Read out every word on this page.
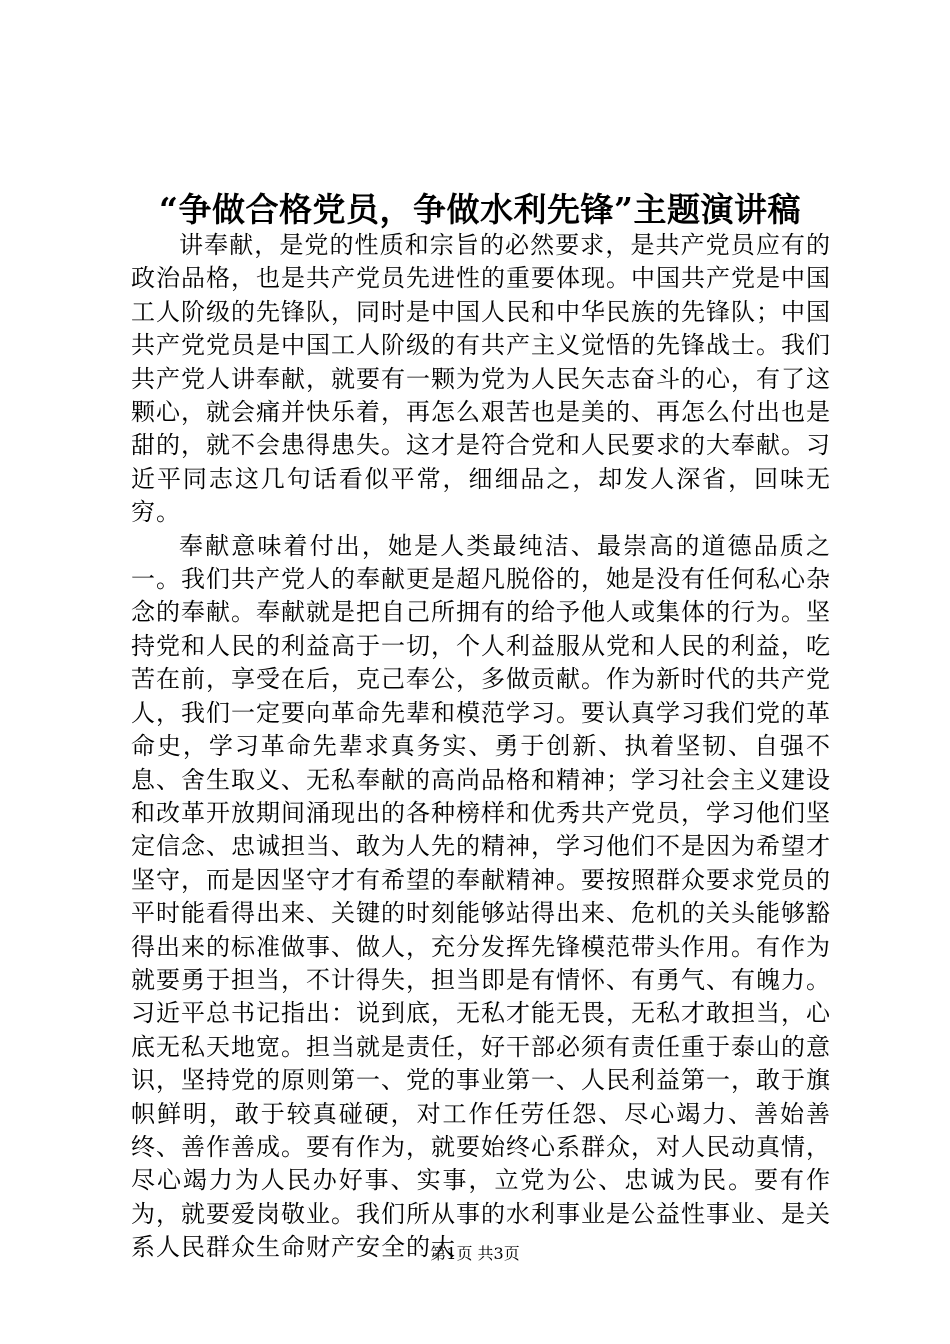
“争做合格党员，争做水利先锋”主题演讲稿

讲奉献，是党的性质和宗旨的必然要求，是共产党员应有的政治品格，也是共产党员先进性的重要体现。中国共产党是中国工人阶级的先锋队，同时是中国人民和中华民族的先锋队；中国共产党党员是中国工人阶级的有共产主义觉悟的先锋战士。我们共产党人讲奉献，就要有一颗为党为人民矢志奋斗的心，有了这颗心，就会痛并快乐着，再怎么艰苦也是美的、再怎么付出也是甜的，就不会患得患失。这才是符合党和人民要求的大奉献。习近平同志这几句话看似平常，细细品之，却发人深省，回味无穷。

奉献意味着付出，她是人类最纯洁、最崇高的道德品质之一。我们共产党人的奉献更是超凡脱俗的，她是没有任何私心杂念的奉献。奉献就是把自己所拥有的给予他人或集体的行为。坚持党和人民的利益高于一切，个人利益服从党和人民的利益，吃苦在前，享受在后，克己奉公，多做贡献。作为新时代的共产党人，我们一定要向革命先辈和模范学习。要认真学习我们党的革命史，学习革命先辈求真务实、勇于创新、执着坚韧、自强不息、舍生取义、无私奉献的高尚品格和精神；学习社会主义建设和改革开放期间涌现出的各种榜样和优秀共产党员，学习他们坚定信念、忠诚担当、敢为人先的精神，学习他们不是因为希望才坚守，而是因坚守才有希望的奉献精神。要按照群众要求党员的平时能看得出来、关键的时刻能够站得出来、危机的关头能够豁得出来的标准做事、做人，充分发挥先锋模范带头作用。有作为就要勇于担当，不计得失，担当即是有情怀、有勇气、有魄力。习近平总书记指出：说到底，无私才能无畏，无私才敢担当，心底无私天地宽。担当就是责任，好干部必须有责任重于泰山的意识，坚持党的原则第一、党的事业第一、人民利益第一，敢于旗帜鲜明，敢于较真碰硬，对工作任劳任怨、尽心竭力、善始善终、善作善成。要有作为，就要始终心系群众，对人民动真情，尽心竭力为人民办好事、实事，立党为公、忠诚为民。要有作为，就要爱岗敬业。我们所从事的水利事业是公益性事业、是关系人民群众生命财产安全的大

第1页 共3页
